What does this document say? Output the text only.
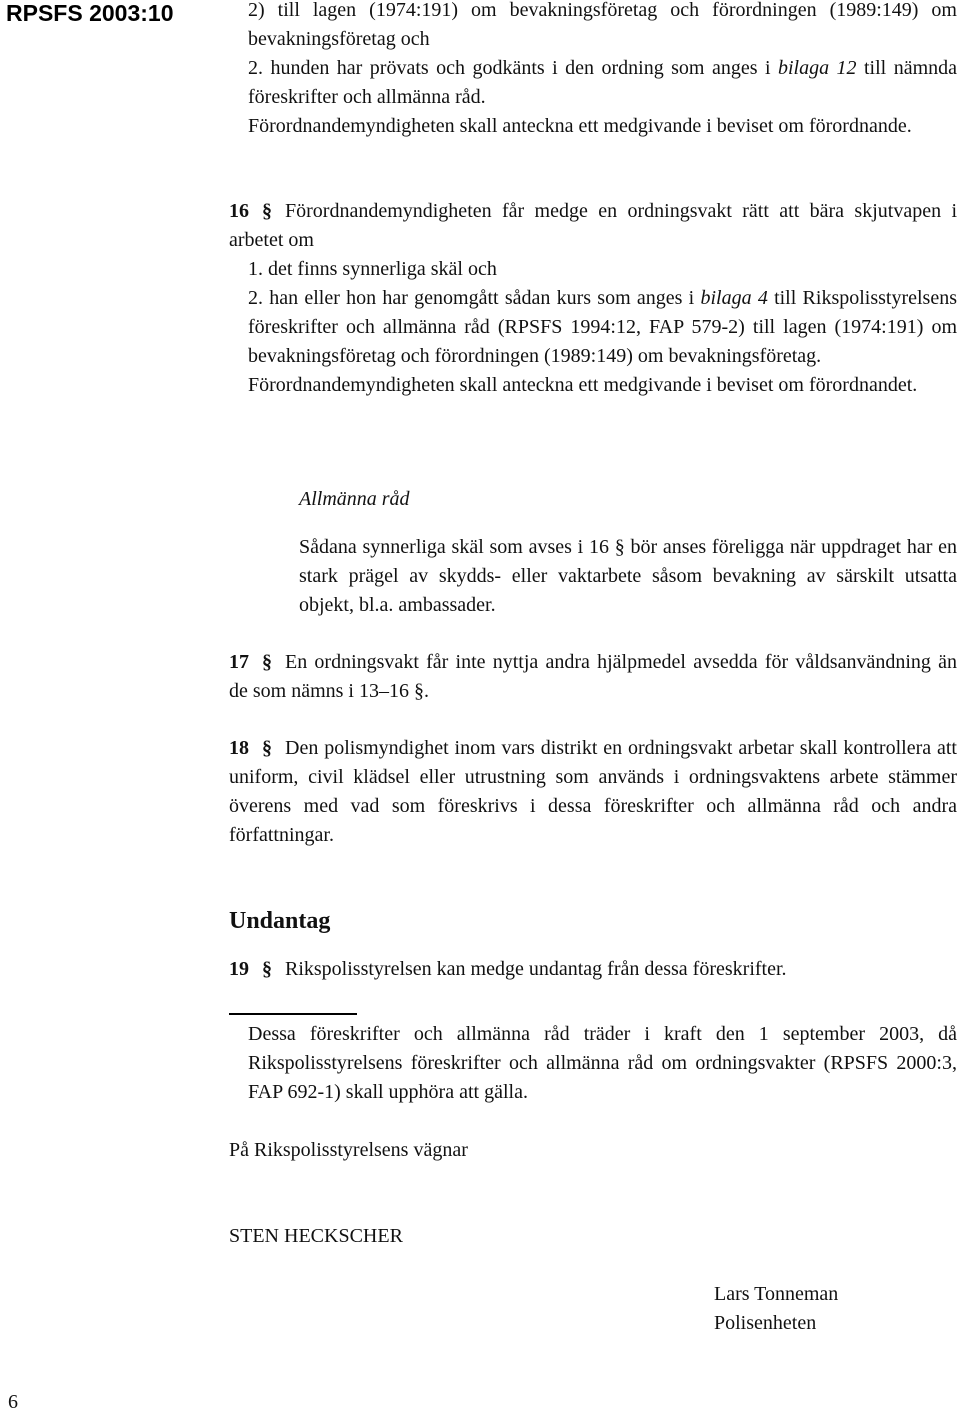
RPSFS 2003:10
6

2) till lagen (1974:191) om bevakningsföretag och förordningen (1989:149) om bevakningsföretag och

2. hunden har prövats och godkänts i den ordning som anges i bilaga 12 till nämnda föreskrifter och allmänna råd.

Förordnandemyndigheten skall anteckna ett medgivande i beviset om förordnande.

16 § Förordnandemyndigheten får medge en ordningsvakt rätt att bära skjutvapen i arbetet om

1. det finns synnerliga skäl och

2. han eller hon har genomgått sådan kurs som anges i bilaga 4 till Rikspolisstyrelsens föreskrifter och allmänna råd (RPSFS 1994:12, FAP 579-2) till lagen (1974:191) om bevakningsföretag och förordningen (1989:149) om bevakningsföretag.

Förordnandemyndigheten skall anteckna ett medgivande i beviset om förordnandet.

Allmänna råd

Sådana synnerliga skäl som avses i 16 § bör anses föreligga när uppdraget har en stark prägel av skydds- eller vaktarbete såsom bevakning av särskilt utsatta objekt, bl.a. ambassader.

17 § En ordningsvakt får inte nyttja andra hjälpmedel avsedda för våldsanvändning än de som nämns i 13–16 §.

18 § Den polismyndighet inom vars distrikt en ordningsvakt arbetar skall kontrollera att uniform, civil klädsel eller utrustning som används i ordningsvaktens arbete stämmer överens med vad som föreskrivs i dessa föreskrifter och allmänna råd och andra författningar.

Undantag

19 § Rikspolisstyrelsen kan medge undantag från dessa föreskrifter.

Dessa föreskrifter och allmänna råd träder i kraft den 1 september 2003, då Rikspolisstyrelsens föreskrifter och allmänna råd om ordningsvakter (RPSFS 2000:3, FAP 692-1) skall upphöra att gälla.

På Rikspolisstyrelsens vägnar
STEN HECKSCHER
Lars Tonneman
Polisenheten
